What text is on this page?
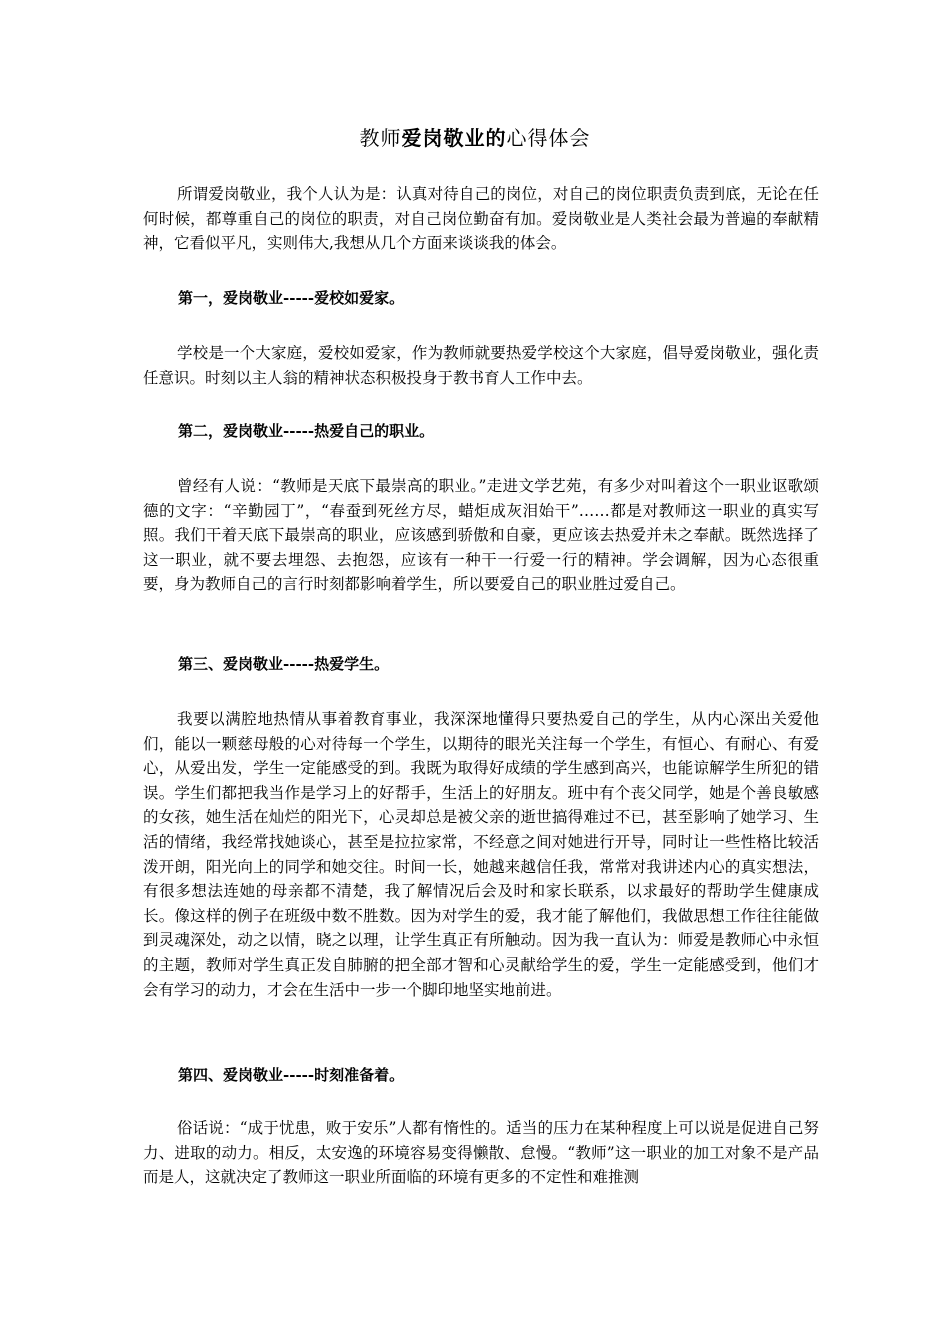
教师爱岗敬业的心得体会

所谓爱岗敬业，我个人认为是：认真对待自己的岗位，对自己的岗位职责负责到底，无论在任何时候，都尊重自己的岗位的职责，对自己岗位勤奋有加。爱岗敬业是人类社会最为普遍的奉献精神，它看似平凡，实则伟大,我想从几个方面来谈谈我的体会。

第一，爱岗敬业-----爱校如爱家。

学校是一个大家庭，爱校如爱家，作为教师就要热爱学校这个大家庭，倡导爱岗敬业，强化责任意识。时刻以主人翁的精神状态积极投身于教书育人工作中去。

第二，爱岗敬业-----热爱自己的职业。

曾经有人说：“教师是天底下最崇高的职业。”走进文学艺苑，有多少对叫着这个一职业讴歌颂德的文字：“辛勤园丁”，“春蚕到死丝方尽，蜡炬成灰泪始干”……都是对教师这一职业的真实写照。我们干着天底下最崇高的职业，应该感到骄傲和自豪，更应该去热爱并未之奉献。既然选择了这一职业，就不要去埋怨、去抱怨，应该有一种干一行爱一行的精神。学会调解，因为心态很重要，身为教师自己的言行时刻都影响着学生，所以要爱自己的职业胜过爱自己。

第三、爱岗敬业-----热爱学生。

我要以满腔地热情从事着教育事业，我深深地懂得只要热爱自己的学生，从内心深出关爱他们，能以一颗慈母般的心对待每一个学生，以期待的眼光关注每一个学生，有恒心、有耐心、有爱心，从爱出发，学生一定能感受的到。我既为取得好成绩的学生感到高兴，也能谅解学生所犯的错误。学生们都把我当作是学习上的好帮手，生活上的好朋友。班中有个丧父同学，她是个善良敏感的女孩，她生活在灿烂的阳光下，心灵却总是被父亲的逝世搞得难过不已，甚至影响了她学习、生活的情绪，我经常找她谈心，甚至是拉拉家常，不经意之间对她进行开导，同时让一些性格比较活泼开朗，阳光向上的同学和她交往。时间一长，她越来越信任我，常常对我讲述内心的真实想法，有很多想法连她的母亲都不清楚，我了解情况后会及时和家长联系，以求最好的帮助学生健康成长。像这样的例子在班级中数不胜数。因为对学生的爱，我才能了解他们，我做思想工作往往能做到灵魂深处，动之以情，晓之以理，让学生真正有所触动。因为我一直认为：师爱是教师心中永恒的主题，教师对学生真正发自肺腑的把全部才智和心灵献给学生的爱，学生一定能感受到，他们才会有学习的动力，才会在生活中一步一个脚印地坚实地前进。

第四、爱岗敬业-----时刻准备着。

俗话说：“成于忧患，败于安乐”人都有惰性的。适当的压力在某种程度上可以说是促进自己努力、进取的动力。相反，太安逸的环境容易变得懒散、怠慢。“教师”这一职业的加工对象不是产品而是人，这就决定了教师这一职业所面临的环境有更多的不定性和难推测
